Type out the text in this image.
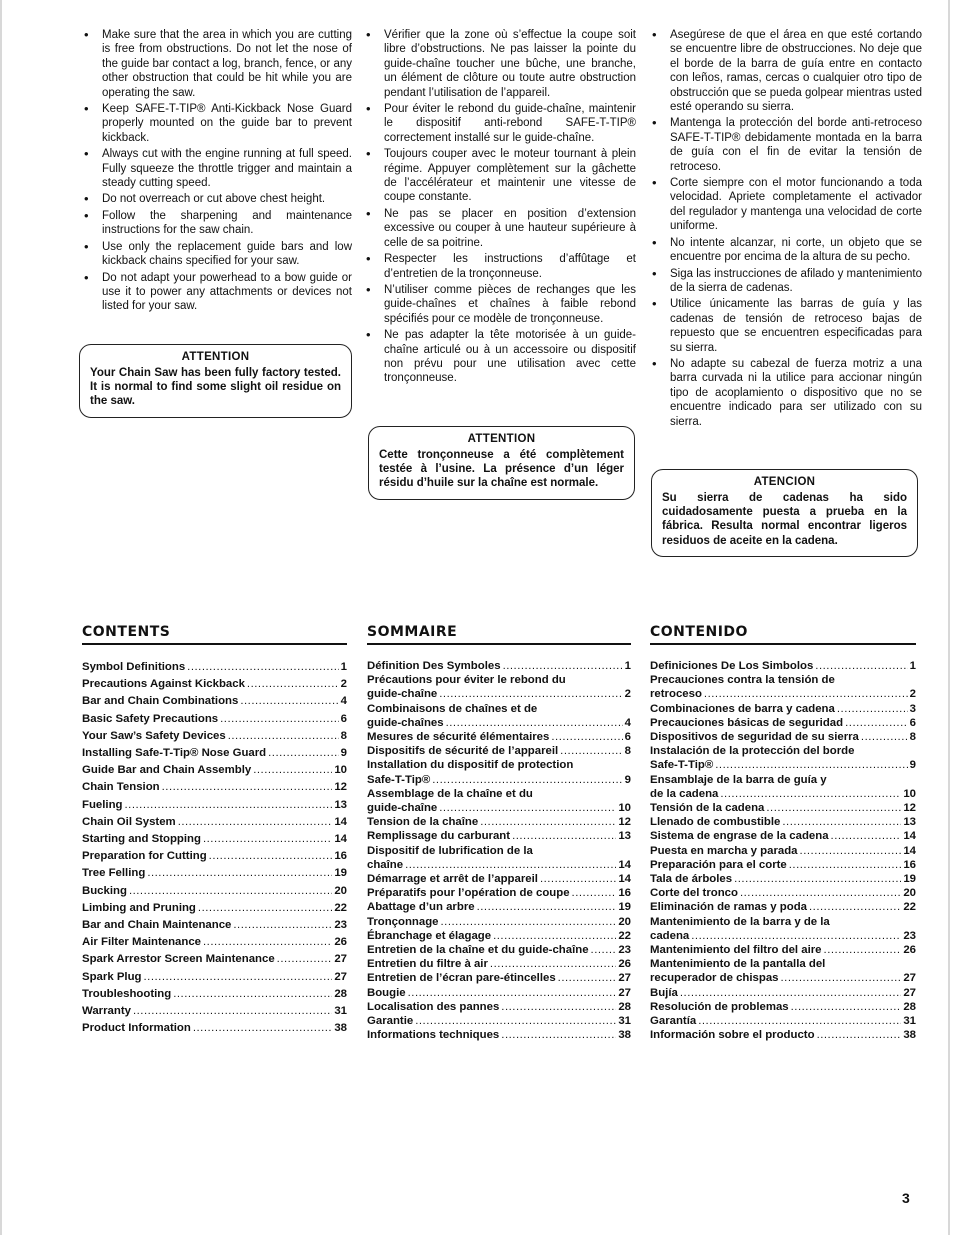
• Make sure that the area in which you are cutting is free from obstructions. Do not let the nose of the guide bar contact a log, branch, fence, or any other obstruction that could be hit while you are operating the saw.
• Keep SAFE-T-TIP® Anti-Kickback Nose Guard properly mounted on the guide bar to prevent kickback.
• Always cut with the engine running at full speed. Fully squeeze the throttle trigger and maintain a steady cutting speed.
• Do not overreach or cut above chest height.
• Follow the sharpening and maintenance instructions for the saw chain.
• Use only the replacement guide bars and low kickback chains specified for your saw.
• Do not adapt your powerhead to a bow guide or use it to power any attachments or devices not listed for your saw.
• Vérifier que la zone où s’effectue la coupe soit libre d’obstructions. Ne pas laisser la pointe du guide-chaîne toucher une bûche, une branche, un élément de clôture ou toute autre obstruction pendant l’utilisation de l’appareil.
• Pour éviter le rebond du guide-chaîne, maintenir le dispositif anti-rebond SAFE-T-TIP® correctement installé sur le guide-chaîne.
• Toujours couper avec le moteur tournant à plein régime. Appuyer complètement sur la gâchette de l’accélérateur et maintenir une vitesse de coupe constante.
• Ne pas se placer en position d’extension excessive ou couper à une hauteur supérieure à celle de sa poitrine.
• Respecter les instructions d’affûtage et d’entretien de la tronçonneuse.
• N’utiliser comme pièces de rechanges que les guide-chaînes et chaînes à faible rebond spécifiés pour ce modèle de tronçonneuse.
• Ne pas adapter la tête motorisée à un guide-chaîne articulé ou à un accessoire ou dispositif non prévu pour une utilisation avec cette tronçonneuse.
• Asegúrese de que el área en que esté cortando se encuentre libre de obstrucciones. No deje que el borde de la barra de guía entre en contacto con leños, ramas, cercas o cualquier otro tipo de obstrucción que se pueda golpear mientras usted esté operando su sierra.
• Mantenga la protección del borde anti-retroceso SAFE-T-TIP® debidamente montada en la barra de guía con el fin de evitar la tensión de retroceso.
• Corte siempre con el motor funcionando a toda velocidad. Apriete completamente el activador del regulador y mantenga una velocidad de corte uniforme.
• No intente alcanzar, ni corte, un objeto que se encuentre por encima de la altura de su pecho.
• Siga las instrucciones de afilado y mantenimiento de la sierra de cadenas.
• Utilice únicamente las barras de guía y las cadenas de tensión de retroceso bajas de repuesto que se encuentren especificadas para su sierra.
• No adapte su cabezal de fuerza motriz a una barra curvada ni la utilice para accionar ningún tipo de acoplamiento o dispositivo que no se encuentre indicado para ser utilizado con su sierra.
ATTENTION
Your Chain Saw has been fully factory tested. It is normal to find some slight oil residue on the saw.
ATTENTION
Cette tronçonneuse a été complètement testée à l’usine. La présence d’un léger résidu d’huile sur la chaîne est normale.	ATENCION
Su sierra de cadenas ha sido cuidadosamente puesta a prueba en la fábrica. Resulta normal encontrar ligeros residuos de aceite en la cadena.
CONTENTS
Symbol Definitions .....	1
Precautions Against Kickback .....	2
Bar and Chain Combinations .....	4
Basic Safety Precautions .....	6
Your Saw’s Safety Devices .....	8
Installing Safe-T-Tip® Nose Guard .....	9
Guide Bar and Chain Assembly .....	10
Chain Tension .....	12
Fueling .....	13
Chain Oil System .....	14
Starting and Stopping .....	14
Preparation for Cutting .....	16
Tree Felling .....	19
Bucking .....	20
Limbing and Pruning .....	22
Bar and Chain Maintenance .....	23
Air Filter Maintenance .....	26
Spark Arrestor Screen Maintenance .....	27
Spark Plug .....	27
Troubleshooting .....	28
Warranty .....	31
Product Information .....	38
SOMMAIRE
Définition Des Symboles .....	1
Précautions pour éviter le rebond du
guide-chaîne .....	2
Combinaisons de chaînes et de
guide-chaînes .....	4
Mesures de sécurité élémentaires .....	6
Dispositifs de sécurité de l’appareil .....	8
Installation du dispositif de protection
Safe-T-Tip® .....	9
Assemblage de la chaîne et du
guide-chaîne .....	10
Tension de la chaîne .....	12
Remplissage du carburant .....	13
Dispositif de lubrification de la
chaîne .....	14
Démarrage et arrêt de l’appareil .....	14
Préparatifs pour l’opération de coupe .....	16
Abattage d’un arbre .....	19
Tronçonnage .....	20
Ébranchage et élagage .....	22
Entretien de la chaîne et du guide-chaîne .....	23
Entretien du filtre à air .....	26
Entretien de l’écran pare-étincelles .....	27
Bougie .....	27
Localisation des pannes .....	28
Garantie .....	31
Informations techniques .....	38
CONTENIDO
Definiciones De Los Simbolos .....	1
Precauciones contra la tensión de
retroceso .....	2
Combinaciones de barra y cadena .....	3
Precauciones básicas de seguridad .....	6
Dispositivos de seguridad de su sierra .....	8
Instalación de la protección del borde
Safe-T-Tip® .....	9
Ensamblaje de la barra de guía y
de la cadena .....	10
Tensión de la cadena .....	12
Llenado de combustible .....	13
Sistema de engrase de la cadena .....	14
Puesta en marcha y parada .....	14
Preparación para el corte .....	16
Tala de árboles .....	19
Corte del tronco .....	20
Eliminación de ramas y poda .....	22
Mantenimiento de la barra y de la
cadena .....	23
Mantenimiento del filtro del aire .....	26
Mantenimiento de la pantalla del
recuperador de chispas .....	27
Bujía .....	27
Resolución de problemas .....	28
Garantía .....	31
Información sobre el producto .....	38
3
